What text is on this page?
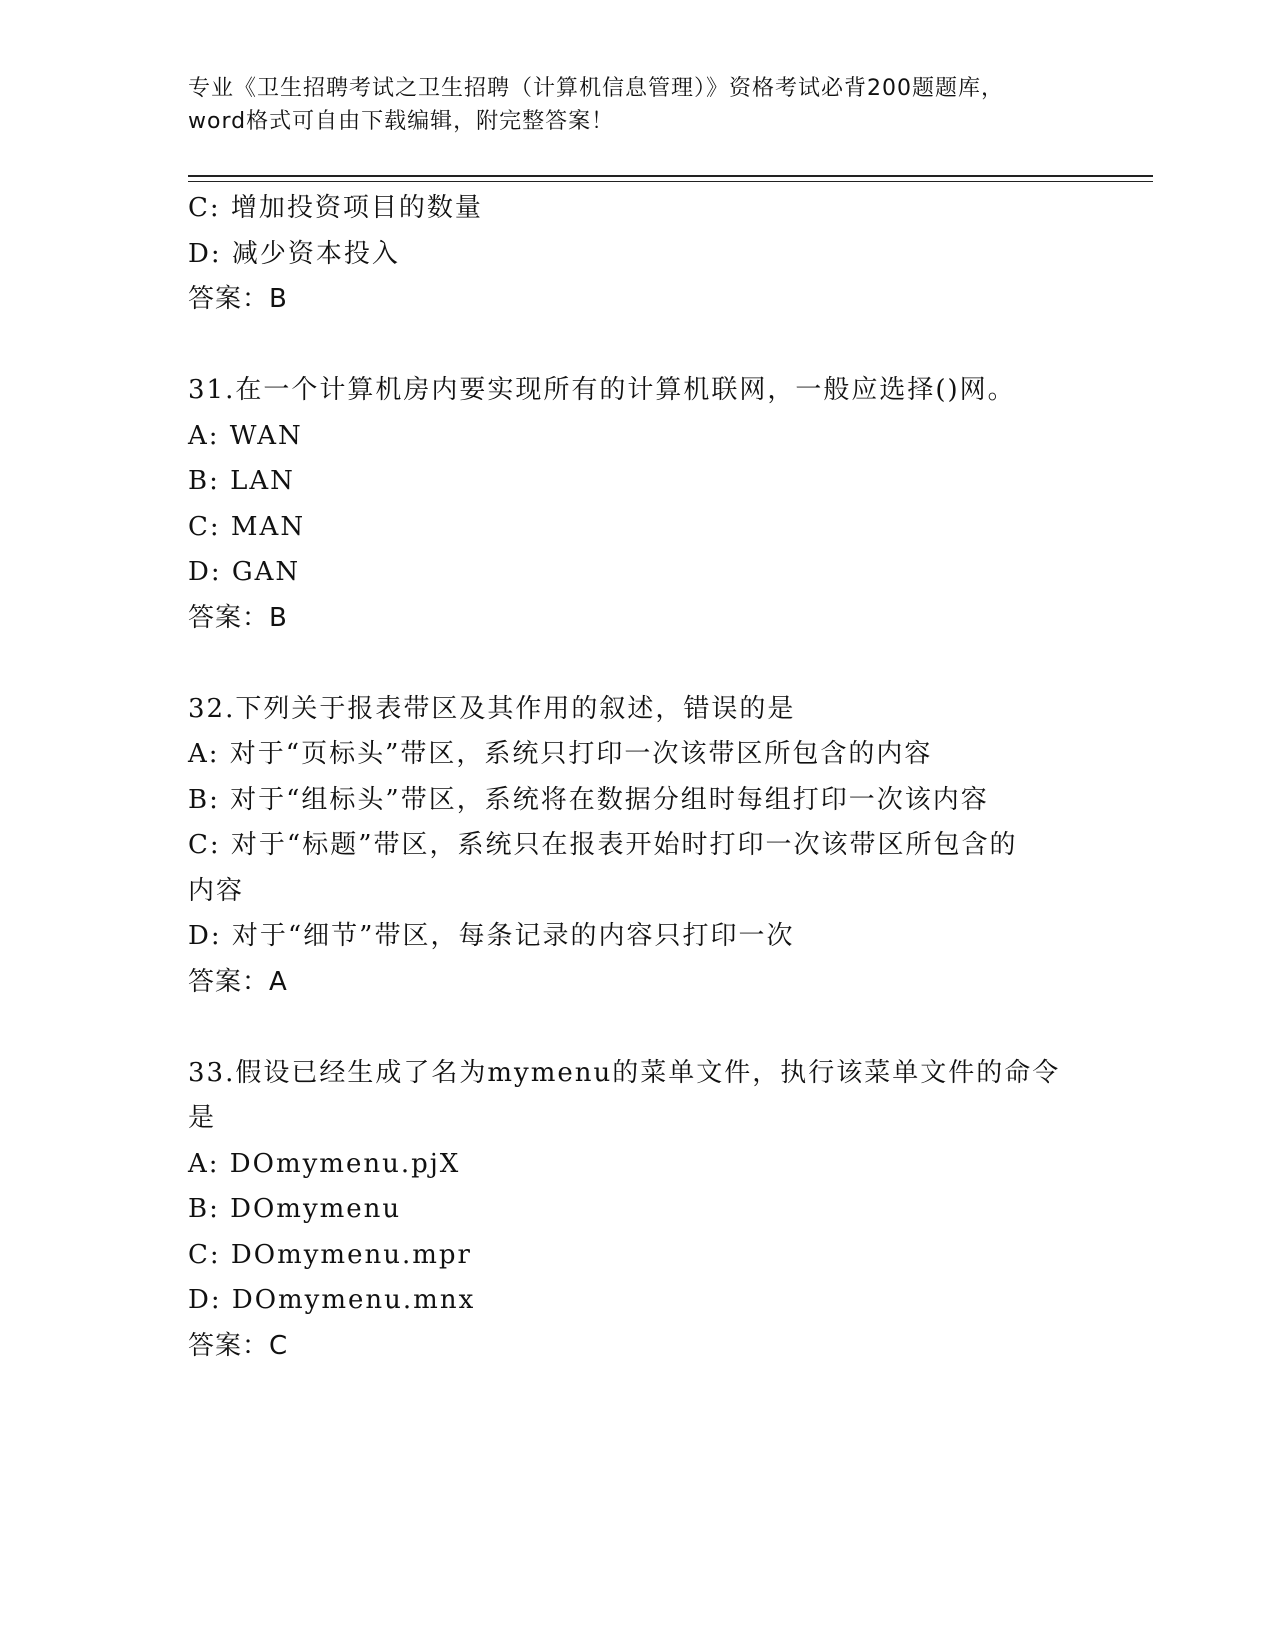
专业《卫生招聘考试之卫生招聘（计算机信息管理）》资格考试必背200题题库，
word格式可自由下载编辑，附完整答案！
C: 增加投资项目的数量
D: 减少资本投入
答案：B
31.在一个计算机房内要实现所有的计算机联网，一般应选择()网。
A: WAN
B: LAN
C: MAN
D: GAN
答案：B
32.下列关于报表带区及其作用的叙述，错误的是
A: 对于“页标头”带区，系统只打印一次该带区所包含的内容
B: 对于“组标头”带区，系统将在数据分组时每组打印一次该内容
C: 对于“标题”带区，系统只在报表开始时打印一次该带区所包含的
内容
D: 对于“细节”带区，每条记录的内容只打印一次
答案：A
33.假设已经生成了名为mymenu的菜单文件，执行该菜单文件的命令
是
A: DOmymenu.pjX
B: DOmymenu
C: DOmymenu.mpr
D: DOmymenu.mnx
答案：C
